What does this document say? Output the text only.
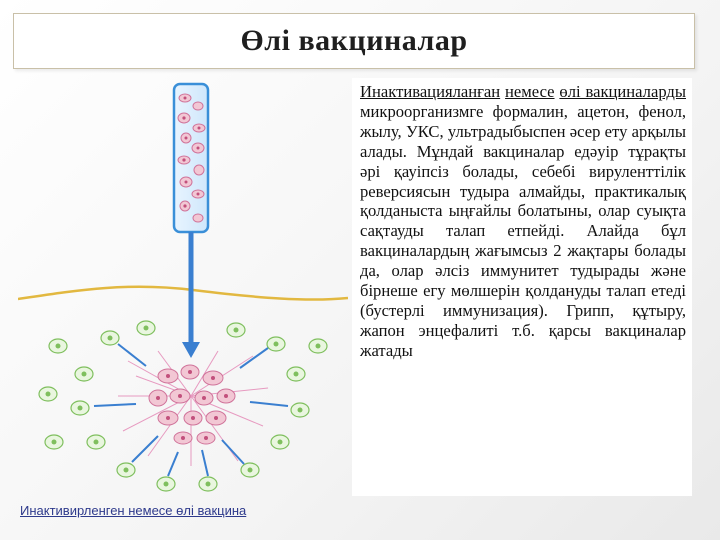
Өлі вакциналар
Инактивацияланған немесе өлі вакциналарды микроорганизмге формалин, ацетон, фенол, жылу, УКС, ультрадыбыспен әсер ету арқылы алады. Мұндай вакциналар едәуір тұрақты әрі қауіпсіз болады, себебі вируленттілік реверсиясын тудыра алмайды, практикалық қолданыста ыңғайлы болатыны, олар суықта сақтауды талап етпейді. Алайда бұл вакциналардың жағымсыз 2 жақтары болады да, олар әлсіз иммунитет тудырады және бірнеше егу мөлшерін қолдануды талап етеді (бустерлі иммунизация). Грипп, құтыру, жапон энцефалиті т.б. қарсы вакциналар жатады
Инактивирленген немесе өлі вакцина
